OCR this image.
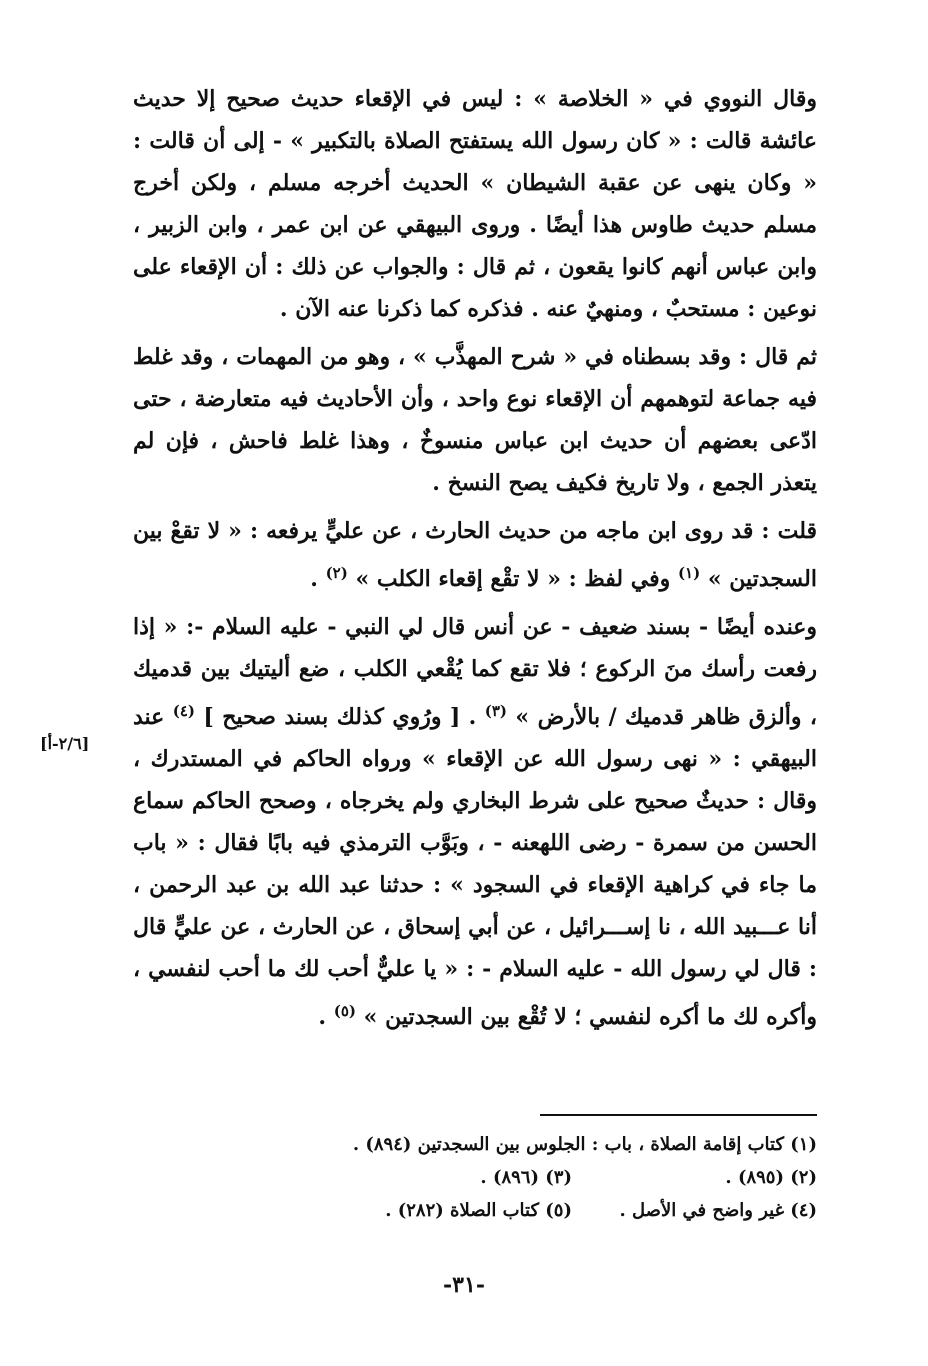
وقال النووي في « الخلاصة » : ليس في الإقعاء حديث صحيح إلا حديث عائشة قالت : « كان رسول الله يستفتح الصلاة بالتكبير » - إلى أن قالت : « وكان ينهى عن عقبة الشيطان » الحديث أخرجه مسلم ، ولكن أخرج مسلم حديث طاوس هذا أيضًا . وروى البيهقي عن ابن عمر ، وابن الزبير ، وابن عباس أنهم كانوا يقعون ، ثم قال : والجواب عن ذلك : أن الإقعاء على نوعين : مستحبٌ ، ومنهيٌ عنه . فذكره كما ذكرنا عنه الآن .

ثم قال : وقد بسطناه في « شرح المهذَّب » ، وهو من المهمات ، وقد غلط فيه جماعة لتوهمهم أن الإقعاء نوع واحد ، وأن الأحاديث فيه متعارضة ، حتى ادّعى بعضهم أن حديث ابن عباس منسوخٌ ، وهذا غلط فاحش ، فإن لم يتعذر الجمع ، ولا تاريخ فكيف يصح النسخ .

قلت : قد روى ابن ماجه من حديث الحارث ، عن عليٍّ يرفعه : « لا تقعْ بين السجدتين » $^{(١)}$ وفي لفظ : « لا تقْع إقعاء الكلب » $^{(٢)}$ .

وعنده أيضًا - بسند ضعيف - عن أنس قال لي النبي - عليه السلام -: « إذا رفعت رأسك منَ الركوع ؛ فلا تقع كما يُقْعي الكلب ، ضع أليتيك بين قدميك ، وألزق ظاهر قدميك / بالأرض » $^{(٣)}$ . [ ورُوي كذلك بسند صحيح ] $^{(٤)}$ عند البيهقي : « نهى رسول الله عن الإقعاء » ورواه الحاكم في المستدرك ، وقال : حديثٌ صحيح على شرط البخاري ولم يخرجاه ، وصحح الحاكم سماع الحسن من سمرة - رضى اللهعنه - ، وبَوَّب الترمذي فيه بابًا فقال : « باب ما جاء في كراهية الإقعاء في السجود » : حدثنا عبد الله بن عبد الرحمن ، أنا عـــبيد الله ، نا إســـرائيل ، عن أبي إسحاق ، عن الحارث ، عن عليٍّ قال : قال لي رسول الله - عليه السلام - : « يا عليٌّ أحب لك ما أحب لنفسي ، وأكره لك ما أكره لنفسي ؛ لا تُقْع بين السجدتين » $^{(٥)}$ .

[٢/٦-أ]
(١) كتاب إقامة الصلاة ، باب : الجلوس بين السجدتين (٨٩٤) .
(٢) (٨٩٥) .
(٣) (٨٩٦) .
(٤) غير واضح في الأصل .
(٥) كتاب الصلاة (٢٨٢) .
-٣١-
